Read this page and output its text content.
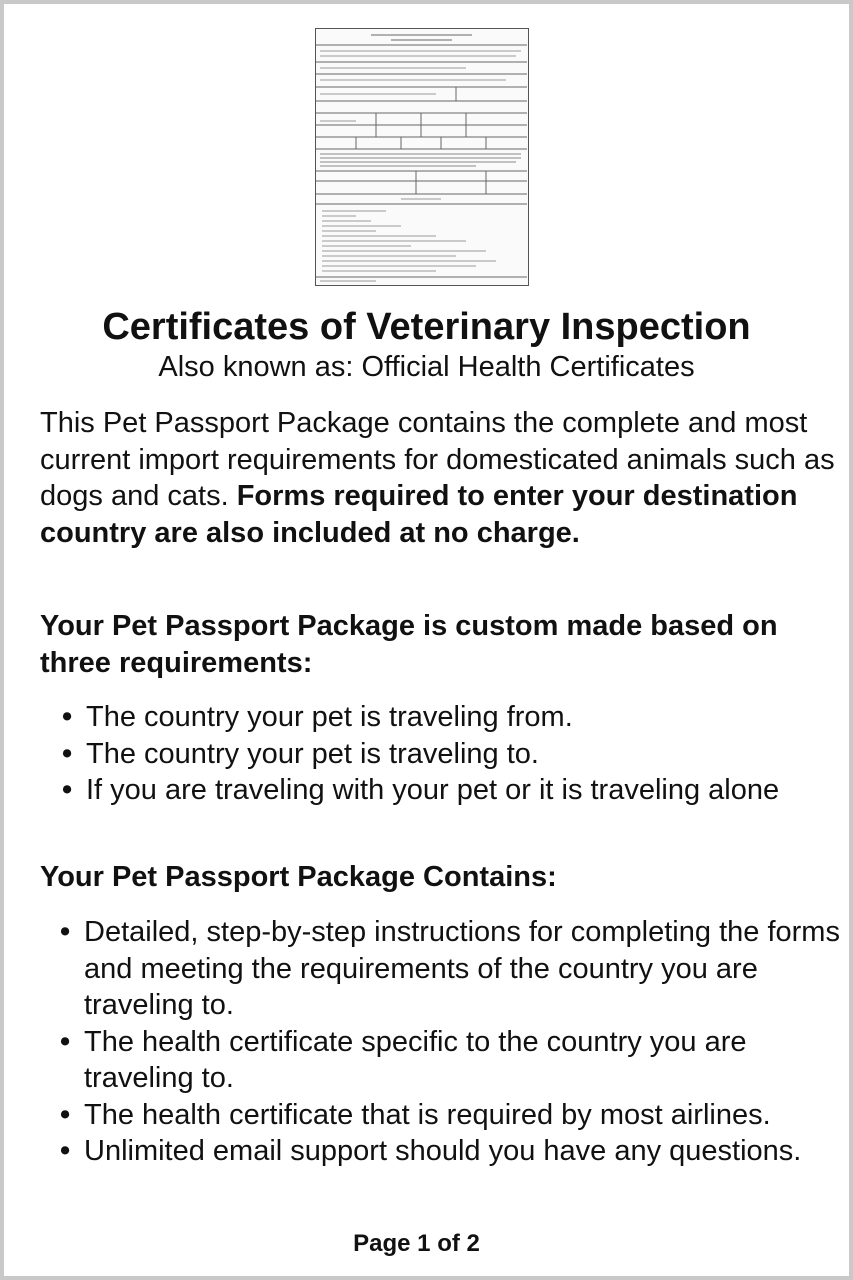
Certificates of Veterinary Inspection

Also known as: Official Health Certificates

This Pet Passport Package contains the complete and most current import requirements for domesticated animals such as dogs and cats. Forms required to enter your destination country are also included at no charge.

Your Pet Passport Package is custom made based on three requirements:
• The country your pet is traveling from.
• The country your pet is traveling to.
• If you are traveling with your pet or it is traveling alone
Your Pet Passport Package Contains:
• Detailed, step-by-step instructions for completing the forms and meeting the requirements of the country you are traveling to.
• The health certificate specific to the country you are traveling to.
• The health certificate that is required by most airlines.
• Unlimited email support should you have any questions.

Page 1 of 2
